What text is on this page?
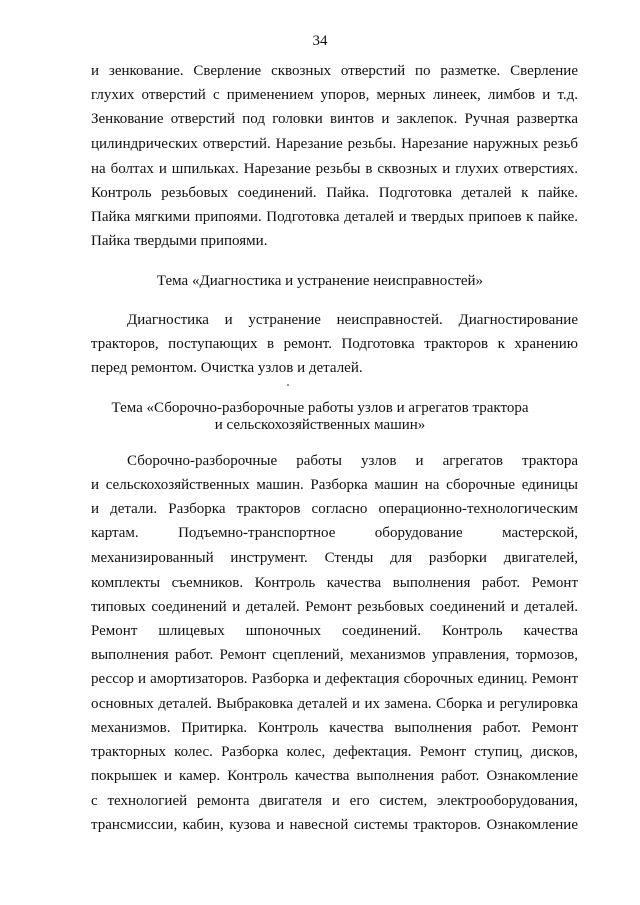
34
и зенкование. Сверление сквозных отверстий по разметке. Сверление
глухих отверстий с применением упоров, мерных линеек, лимбов и т.д.
Зенкование отверстий под головки винтов и заклепок. Ручная развертка
цилиндрических отверстий. Нарезание резьбы. Нарезание наружных резьб
на болтах и шпильках. Нарезание резьбы в сквозных и глухих отверстиях.
Контроль резьбовых соединений. Пайка. Подготовка деталей к пайке.
Пайка мягкими припоями. Подготовка деталей и твердых припоев к пайке.
Пайка твердыми припоями.
Тема «Диагностика и устранение неисправностей»
Диагностика и устранение неисправностей. Диагностирование
тракторов, поступающих в ремонт. Подготовка тракторов к хранению
перед ремонтом. Очистка узлов и деталей.
Тема «Сборочно-разборочные работы узлов и агрегатов трактора
и сельскохозяйственных машин»
Сборочно-разборочные работы узлов и агрегатов трактора
и сельскохозяйственных машин. Разборка машин на сборочные единицы
и детали. Разборка тракторов согласно операционно-технологическим
картам. Подъемно-транспортное оборудование мастерской,
механизированный инструмент. Стенды для разборки двигателей,
комплекты съемников. Контроль качества выполнения работ. Ремонт
типовых соединений и деталей. Ремонт резьбовых соединений и деталей.
Ремонт шлицевых шпоночных соединений. Контроль качества
выполнения работ. Ремонт сцеплений, механизмов управления, тормозов,
рессор и амортизаторов. Разборка и дефектация сборочных единиц. Ремонт
основных деталей. Выбраковка деталей и их замена. Сборка и регулировка
механизмов. Притирка. Контроль качества выполнения работ. Ремонт
тракторных колес. Разборка колес, дефектация. Ремонт ступиц, дисков,
покрышек и камер. Контроль качества выполнения работ. Ознакомление
с технологией ремонта двигателя и его систем, электрооборудования,
трансмиссии, кабин, кузова и навесной системы тракторов. Ознакомление
